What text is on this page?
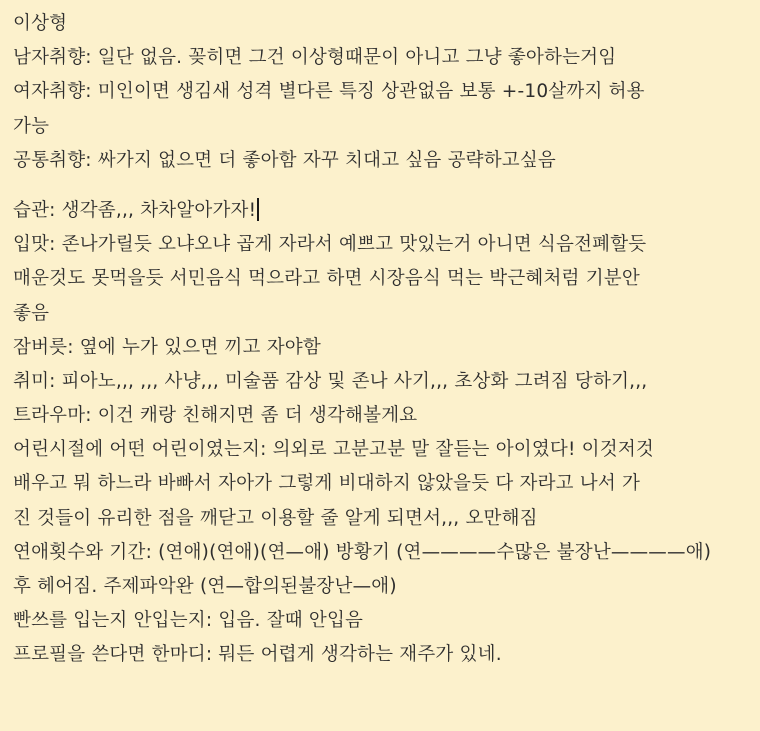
이상형
남자취향: 일단 없음. 꽂히면 그건 이상형때문이 아니고 그냥 좋아하는거임
여자취향: 미인이면 생김새 성격 별다른 특징 상관없음 보통 +-10살까지 허용
가능
공통취향: 싸가지 없으면 더 좋아함 자꾸 치대고 싶음 공략하고싶음
습관: 생각좀,,, 차차알아가자!
입맛: 존나가릴듯 오냐오냐 곱게 자라서 예쁘고 맛있는거 아니면 식음전폐할듯
매운것도 못먹을듯 서민음식 먹으라고 하면 시장음식 먹는 박근혜처럼 기분안
좋음
잠버릇: 옆에 누가 있으면 끼고 자야함
취미: 피아노,,, ,,, 사냥,,, 미술품 감상 및 존나 사기,,, 초상화 그려짐 당하기,,,
트라우마: 이건 캐랑 친해지면 좀 더 생각해볼게요
어린시절에 어떤 어린이였는지: 의외로 고분고분 말 잘듣는 아이였다! 이것저것
배우고 뭐 하느라 바빠서 자아가 그렇게 비대하지 않았을듯 다 자라고 나서 가
진 것들이 유리한 점을 깨닫고 이용할 줄 알게 되면서,,, 오만해짐
연애횟수와 기간: (연애)(연애)(연—애) 방황기 (연————수많은 불장난————애)
후 헤어짐. 주제파악완 (연—합의된불장난—애)
빤쓰를 입는지 안입는지: 입음. 잘때 안입음
프로필을 쓴다면 한마디: 뭐든 어렵게 생각하는 재주가 있네.
